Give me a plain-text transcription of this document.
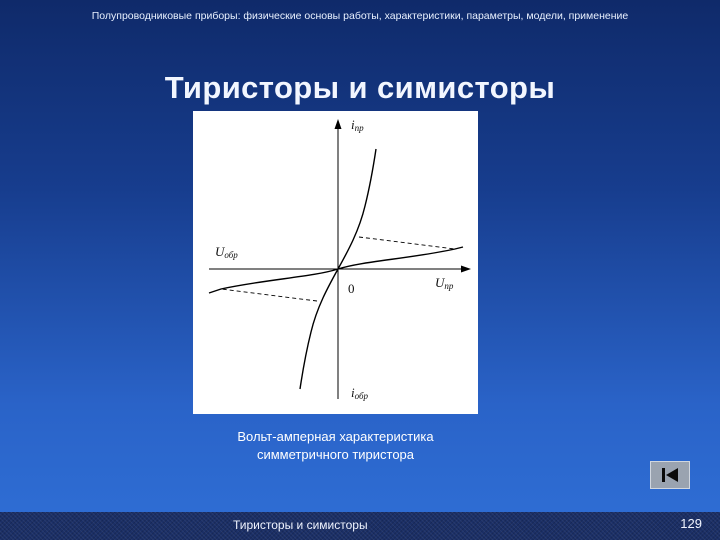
Полупроводниковые приборы: физические основы работы, характеристики, параметры, модели, применение
Тиристоры и симисторы
iпр
Uобр
0	Uпр
iобр
Вольт-амперная характеристика
симметричного тиристора
Тиристоры и симисторы	129
